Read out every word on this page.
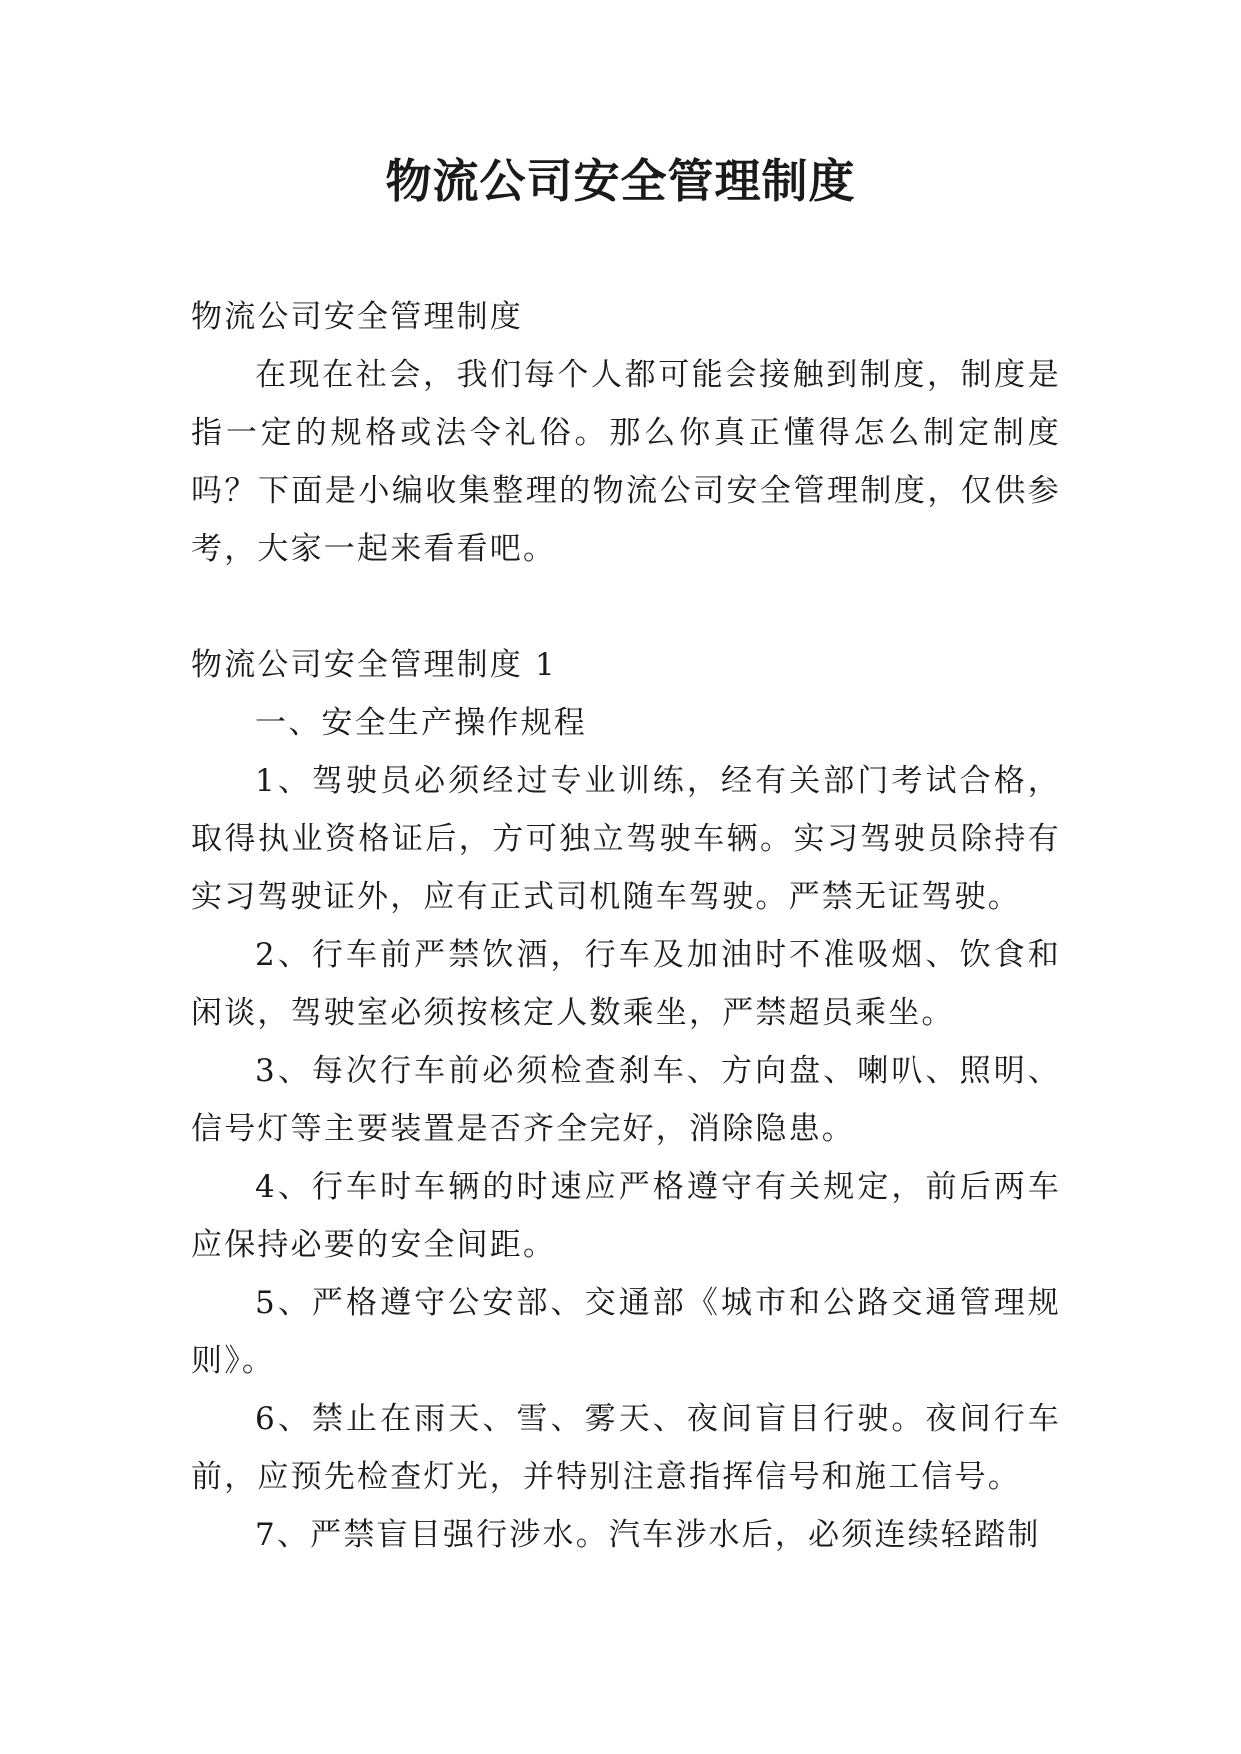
物流公司安全管理制度

物流公司安全管理制度

在现在社会，我们每个人都可能会接触到制度，制度是指一定的规格或法令礼俗。那么你真正懂得怎么制定制度吗？下面是小编收集整理的物流公司安全管理制度，仅供参考，大家一起来看看吧。

物流公司安全管理制度 1

一、安全生产操作规程

1、驾驶员必须经过专业训练，经有关部门考试合格，取得执业资格证后，方可独立驾驶车辆。实习驾驶员除持有实习驾驶证外，应有正式司机随车驾驶。严禁无证驾驶。

2、行车前严禁饮酒，行车及加油时不准吸烟、饮食和闲谈，驾驶室必须按核定人数乘坐，严禁超员乘坐。

3、每次行车前必须检查刹车、方向盘、喇叭、照明、信号灯等主要装置是否齐全完好，消除隐患。

4、行车时车辆的时速应严格遵守有关规定，前后两车应保持必要的安全间距。

5、严格遵守公安部、交通部《城市和公路交通管理规则》。

6、禁止在雨天、雪、雾天、夜间盲目行驶。夜间行车前，应预先检查灯光，并特别注意指挥信号和施工信号。

7、严禁盲目强行涉水。汽车涉水后，必须连续轻踏制
